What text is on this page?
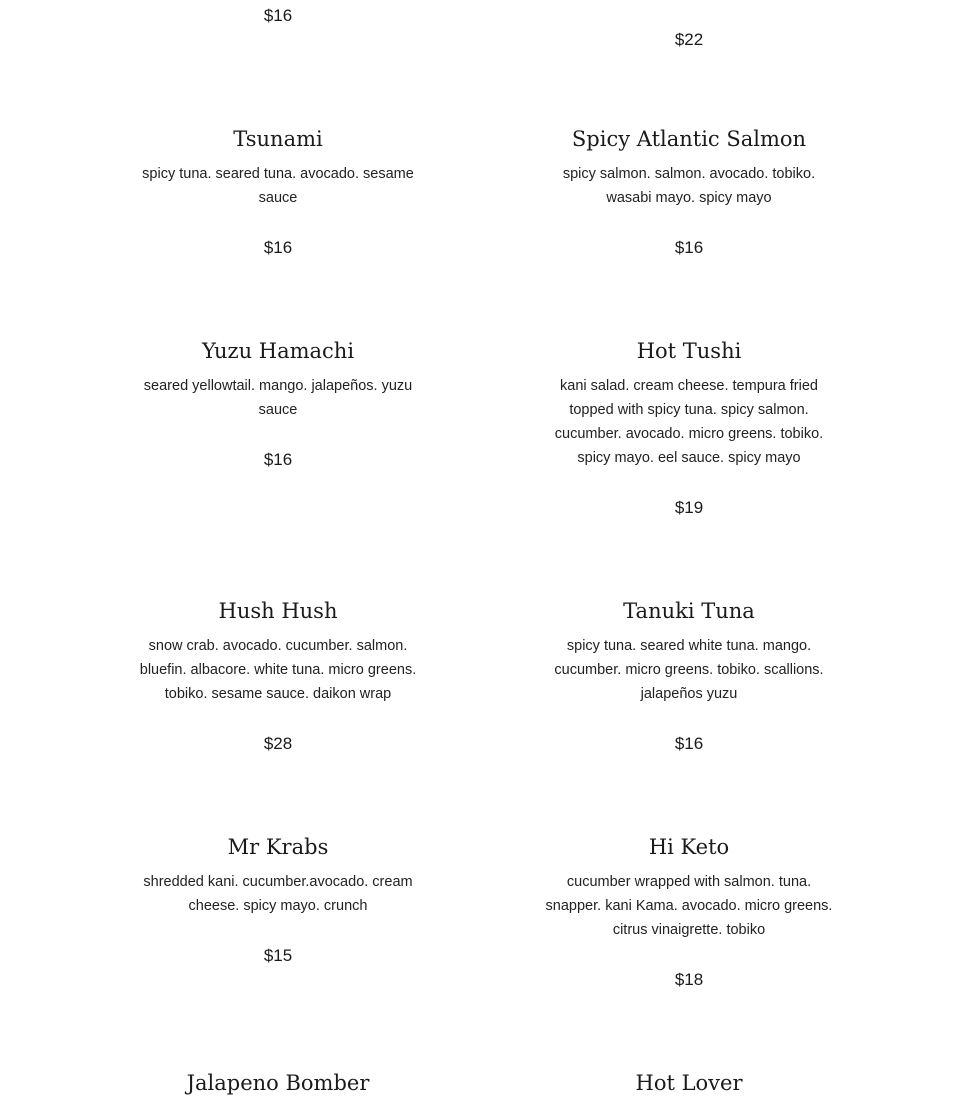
$16
Tsunami
spicy tuna. seared tuna. avocado. sesame sauce
$16
Yuzu Hamachi
seared yellowtail. mango. jalapeños. yuzu sauce
$16
Hush Hush
snow crab. avocado. cucumber. salmon. bluefin. albacore. white tuna. micro greens. tobiko. sesame sauce. daikon wrap
$28
Mr Krabs
shredded kani. cucumber.avocado. cream cheese. spicy mayo. crunch
$15
Jalapeno Bomber
$22
Spicy Atlantic Salmon
spicy salmon. salmon. avocado. tobiko. wasabi mayo. spicy mayo
$16
Hot Tushi
kani salad. cream cheese. tempura fried topped with spicy tuna. spicy salmon. cucumber. avocado. micro greens. tobiko. spicy mayo. eel sauce. spicy mayo
$19
Tanuki Tuna
spicy tuna. seared white tuna. mango. cucumber. micro greens. tobiko. scallions. jalapeños yuzu
$16
Hi Keto
cucumber wrapped with salmon. tuna. snapper. kani Kama. avocado. micro greens. citrus vinaigrette. tobiko
$18
Hot Lover
